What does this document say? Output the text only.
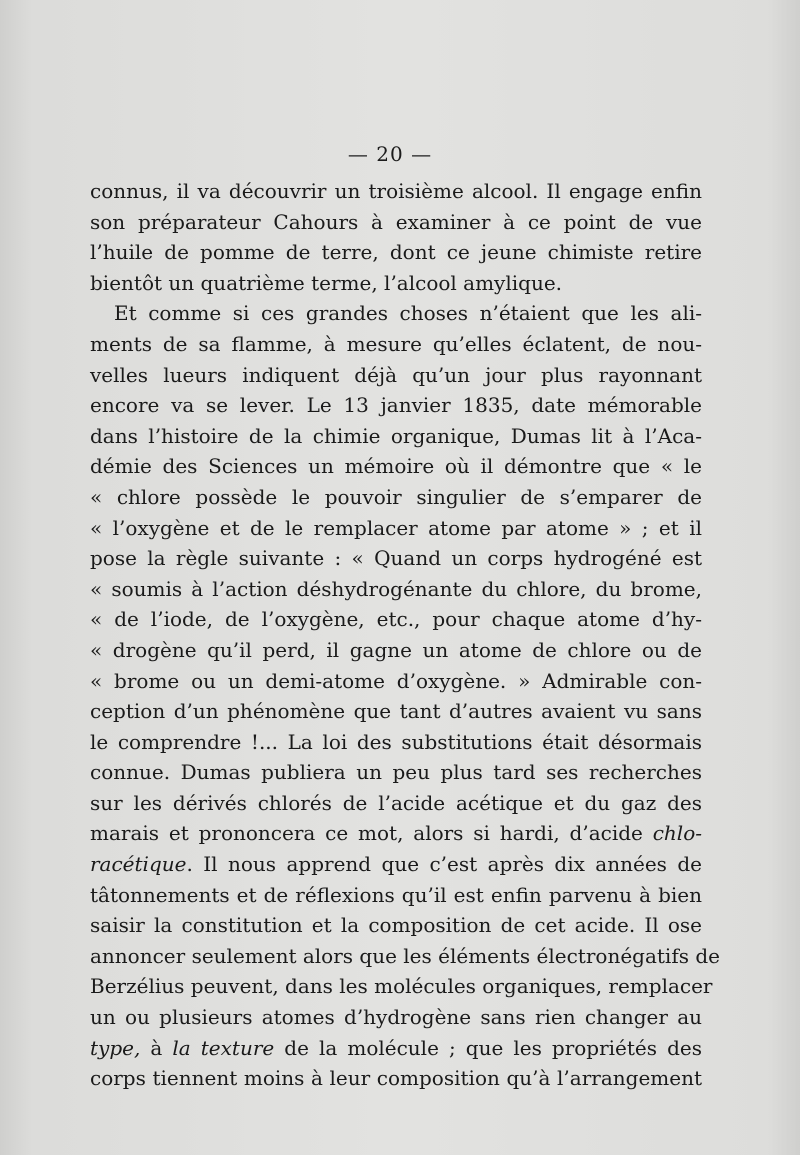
— 20 —
connus, il va découvrir un troisième alcool. Il engage enfin
son préparateur Cahours à examiner à ce point de vue
l’huile de pomme de terre, dont ce jeune chimiste retire
bientôt un quatrième terme, l’alcool amylique.
Et comme si ces grandes choses n’étaient que les ali-
ments de sa flamme, à mesure qu’elles éclatent, de nou-
velles lueurs indiquent déjà qu’un jour plus rayonnant
encore va se lever. Le 13 janvier 1835, date mémorable
dans l’histoire de la chimie organique, Dumas lit à l’Aca-
démie des Sciences un mémoire où il démontre que « le
« chlore possède le pouvoir singulier de s’emparer de
« l’oxygène et de le remplacer atome par atome » ; et il
pose la règle suivante : « Quand un corps hydrogéné est
« soumis à l’action déshydrogénante du chlore, du brome,
« de l’iode, de l’oxygène, etc., pour chaque atome d’hy-
« drogène qu’il perd, il gagne un atome de chlore ou de
« brome ou un demi-atome d’oxygène. » Admirable con-
ception d’un phénomène que tant d’autres avaient vu sans
le comprendre !... La loi des substitutions était désormais
connue. Dumas publiera un peu plus tard ses recherches
sur les dérivés chlorés de l’acide acétique et du gaz des
marais et prononcera ce mot, alors si hardi, d’acide chlo-
racétique. Il nous apprend que c’est après dix années de
tâtonnements et de réflexions qu’il est enfin parvenu à bien
saisir la constitution et la composition de cet acide. Il ose
annoncer seulement alors que les éléments électronégatifs de
Berzélius peuvent, dans les molécules organiques, remplacer
un ou plusieurs atomes d’hydrogène sans rien changer au
type, à la texture de la molécule ; que les propriétés des
corps tiennent moins à leur composition qu’à l’arrangement
